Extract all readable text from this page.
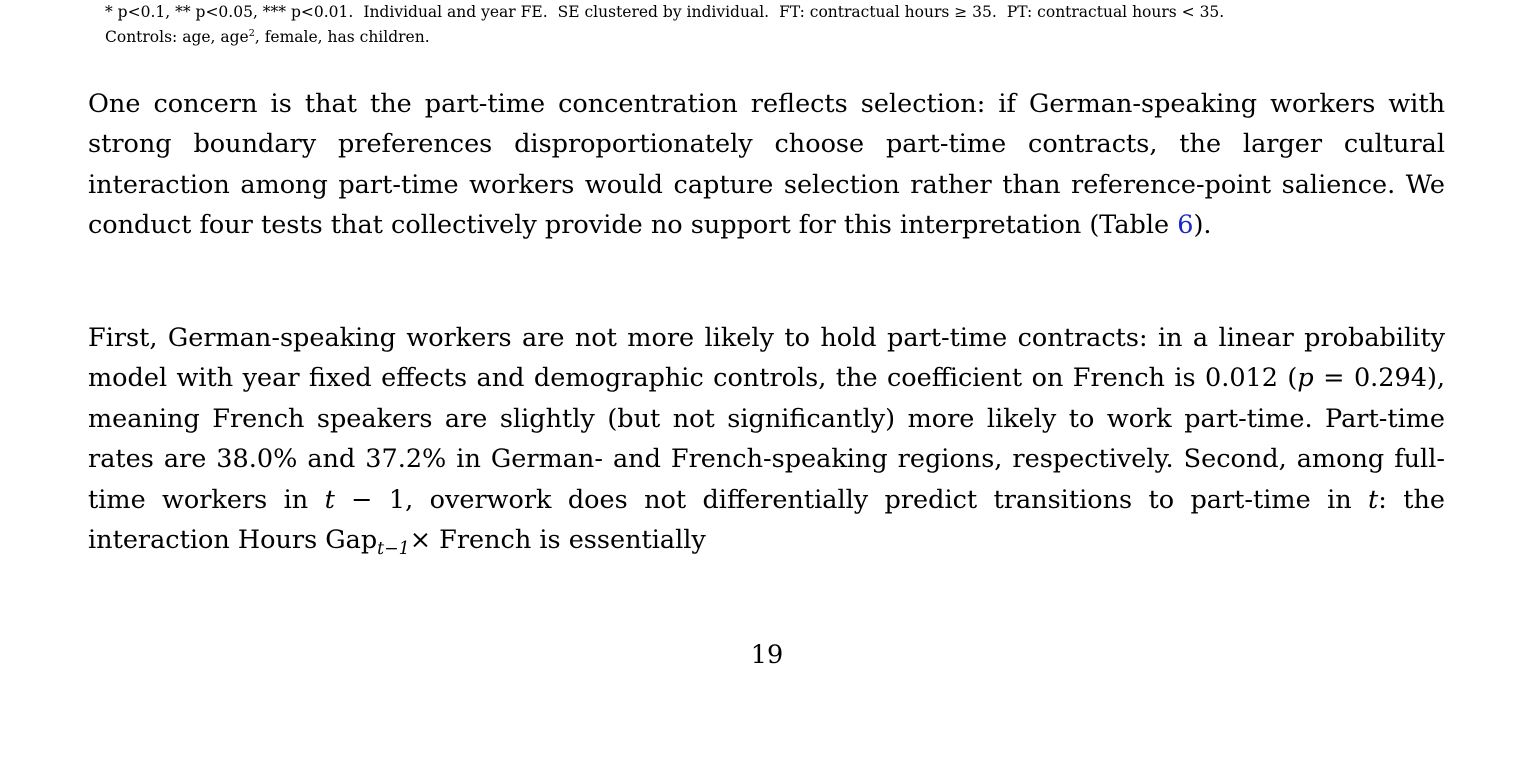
* p<0.1, ** p<0.05, *** p<0.01. Individual and year FE. SE clustered by individual. FT: contractual hours ≥ 35. PT: contractual hours < 35.
Controls: age, age$^2$, female, has children.

One concern is that the part-time concentration reflects selection: if German-speaking workers with strong boundary preferences disproportionately choose part-time contracts, the larger cultural interaction among part-time workers would capture selection rather than reference-point salience. We conduct four tests that collectively provide no support for this interpretation (Table 6).

First, German-speaking workers are not more likely to hold part-time contracts: in a linear probability model with year fixed effects and demographic controls, the coefficient on French is 0.012 (p = 0.294), meaning French speakers are slightly (but not significantly) more likely to work part-time. Part-time rates are 38.0% and 37.2% in German- and French-speaking regions, respectively. Second, among full-time workers in t − 1, overwork does not differentially predict transitions to part-time in t: the interaction Hours Gap$_{t-1}$× French is essentially

19
